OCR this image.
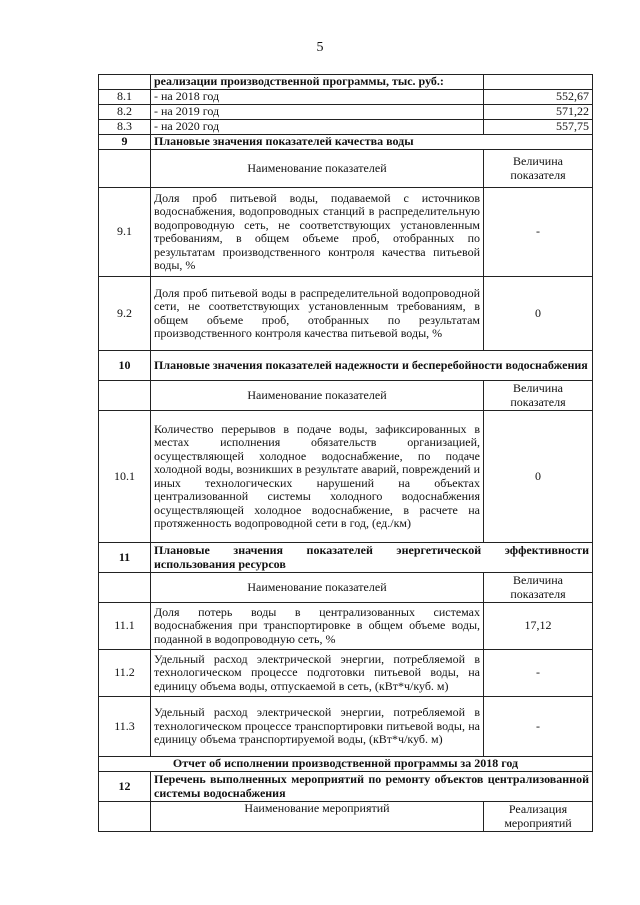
5
	реализации производственной программы, тыс. руб.:	
8.1	- на 2018 год	552,67
8.2	- на 2019 год	571,22
8.3	- на 2020 год	557,75
9	Плановые значения показателей качества воды	
	Наименование показателей	Величина показателя
9.1	Доля проб питьевой воды, подаваемой с источников водоснабжения, водопроводных станций в распределительную водопроводную сеть, не соответствующих установленным требованиям, в общем объеме проб, отобранных по результатам производственного контроля качества питьевой воды, %	-
9.2	Доля проб питьевой воды в распределительной водопроводной сети, не соответствующих установленным требованиям, в общем объеме проб, отобранных по результатам производственного контроля качества питьевой воды, %	0
10	Плановые значения показателей надежности и бесперебойности водоснабжения	
	Наименование показателей	Величина показателя
10.1	Количество перерывов в подаче воды, зафиксированных в местах исполнения обязательств организацией, осуществляющей холодное водоснабжение, по подаче холодной воды, возникших в результате аварий, повреждений и иных технологических нарушений на объектах централизованной системы холодного водоснабжения осуществляющей холодное водоснабжение, в расчете на протяженность водопроводной сети в год, (ед./км)	0
11	Плановые значения показателей энергетической эффективности использования ресурсов	
	Наименование показателей	Величина показателя
11.1	Доля потерь воды в централизованных системах водоснабжения при транспортировке в общем объеме воды, поданной в водопроводную сеть, %	17,12
11.2	Удельный расход электрической энергии, потребляемой в технологическом процессе подготовки питьевой воды, на единицу объема воды, отпускаемой в сеть, (кВт*ч/куб. м)	-
11.3	Удельный расход электрической энергии, потребляемой в технологическом процессе транспортировки питьевой воды, на единицу объема транспортируемой воды, (кВт*ч/куб. м)	-
Отчет об исполнении производственной программы за 2018 год		
12	Перечень выполненных мероприятий по ремонту объектов централизованной системы водоснабжения	
	Наименование мероприятий	Реализация мероприятий
